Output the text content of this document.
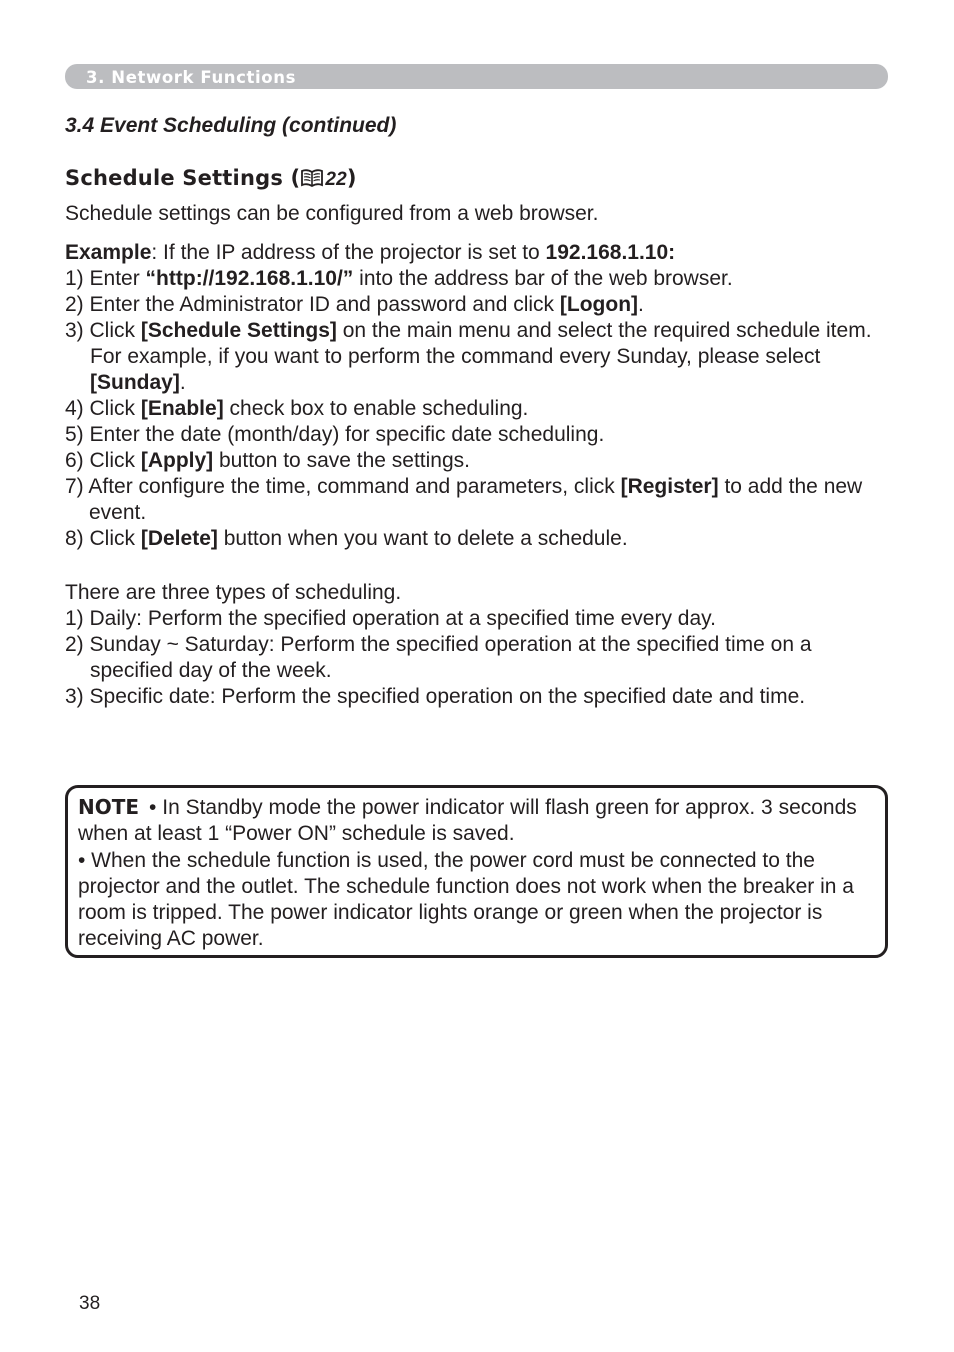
3. Network Functions
3.4 Event Scheduling (continued)
Schedule Settings ( 22)
Schedule settings can be configured from a web browser.
Example: If the IP address of the projector is set to 192.168.1.10:
1) Enter “http://192.168.1.10/” into the address bar of the web browser.
2) Enter the Administrator ID and password and click [Logon].
3) Click [Schedule Settings] on the main menu and select the required schedule item. For example, if you want to perform the command every Sunday, please select [Sunday].
4) Click [Enable] check box to enable scheduling.
5) Enter the date (month/day) for specific date scheduling.
6) Click [Apply] button to save the settings.
7) After configure the time, command and parameters, click [Register] to add the new event.
8) Click [Delete] button when you want to delete a schedule.
There are three types of scheduling.
1) Daily: Perform the specified operation at a specified time every day.
2) Sunday ~ Saturday: Perform the specified operation at the specified time on a specified day of the week.
3) Specific date: Perform the specified operation on the specified date and time.
NOTE • In Standby mode the power indicator will flash green for approx. 3 seconds when at least 1 “Power ON” schedule is saved.
• When the schedule function is used, the power cord must be connected to the projector and the outlet. The schedule function does not work when the breaker in a room is tripped. The power indicator lights orange or green when the projector is receiving AC power.
38
